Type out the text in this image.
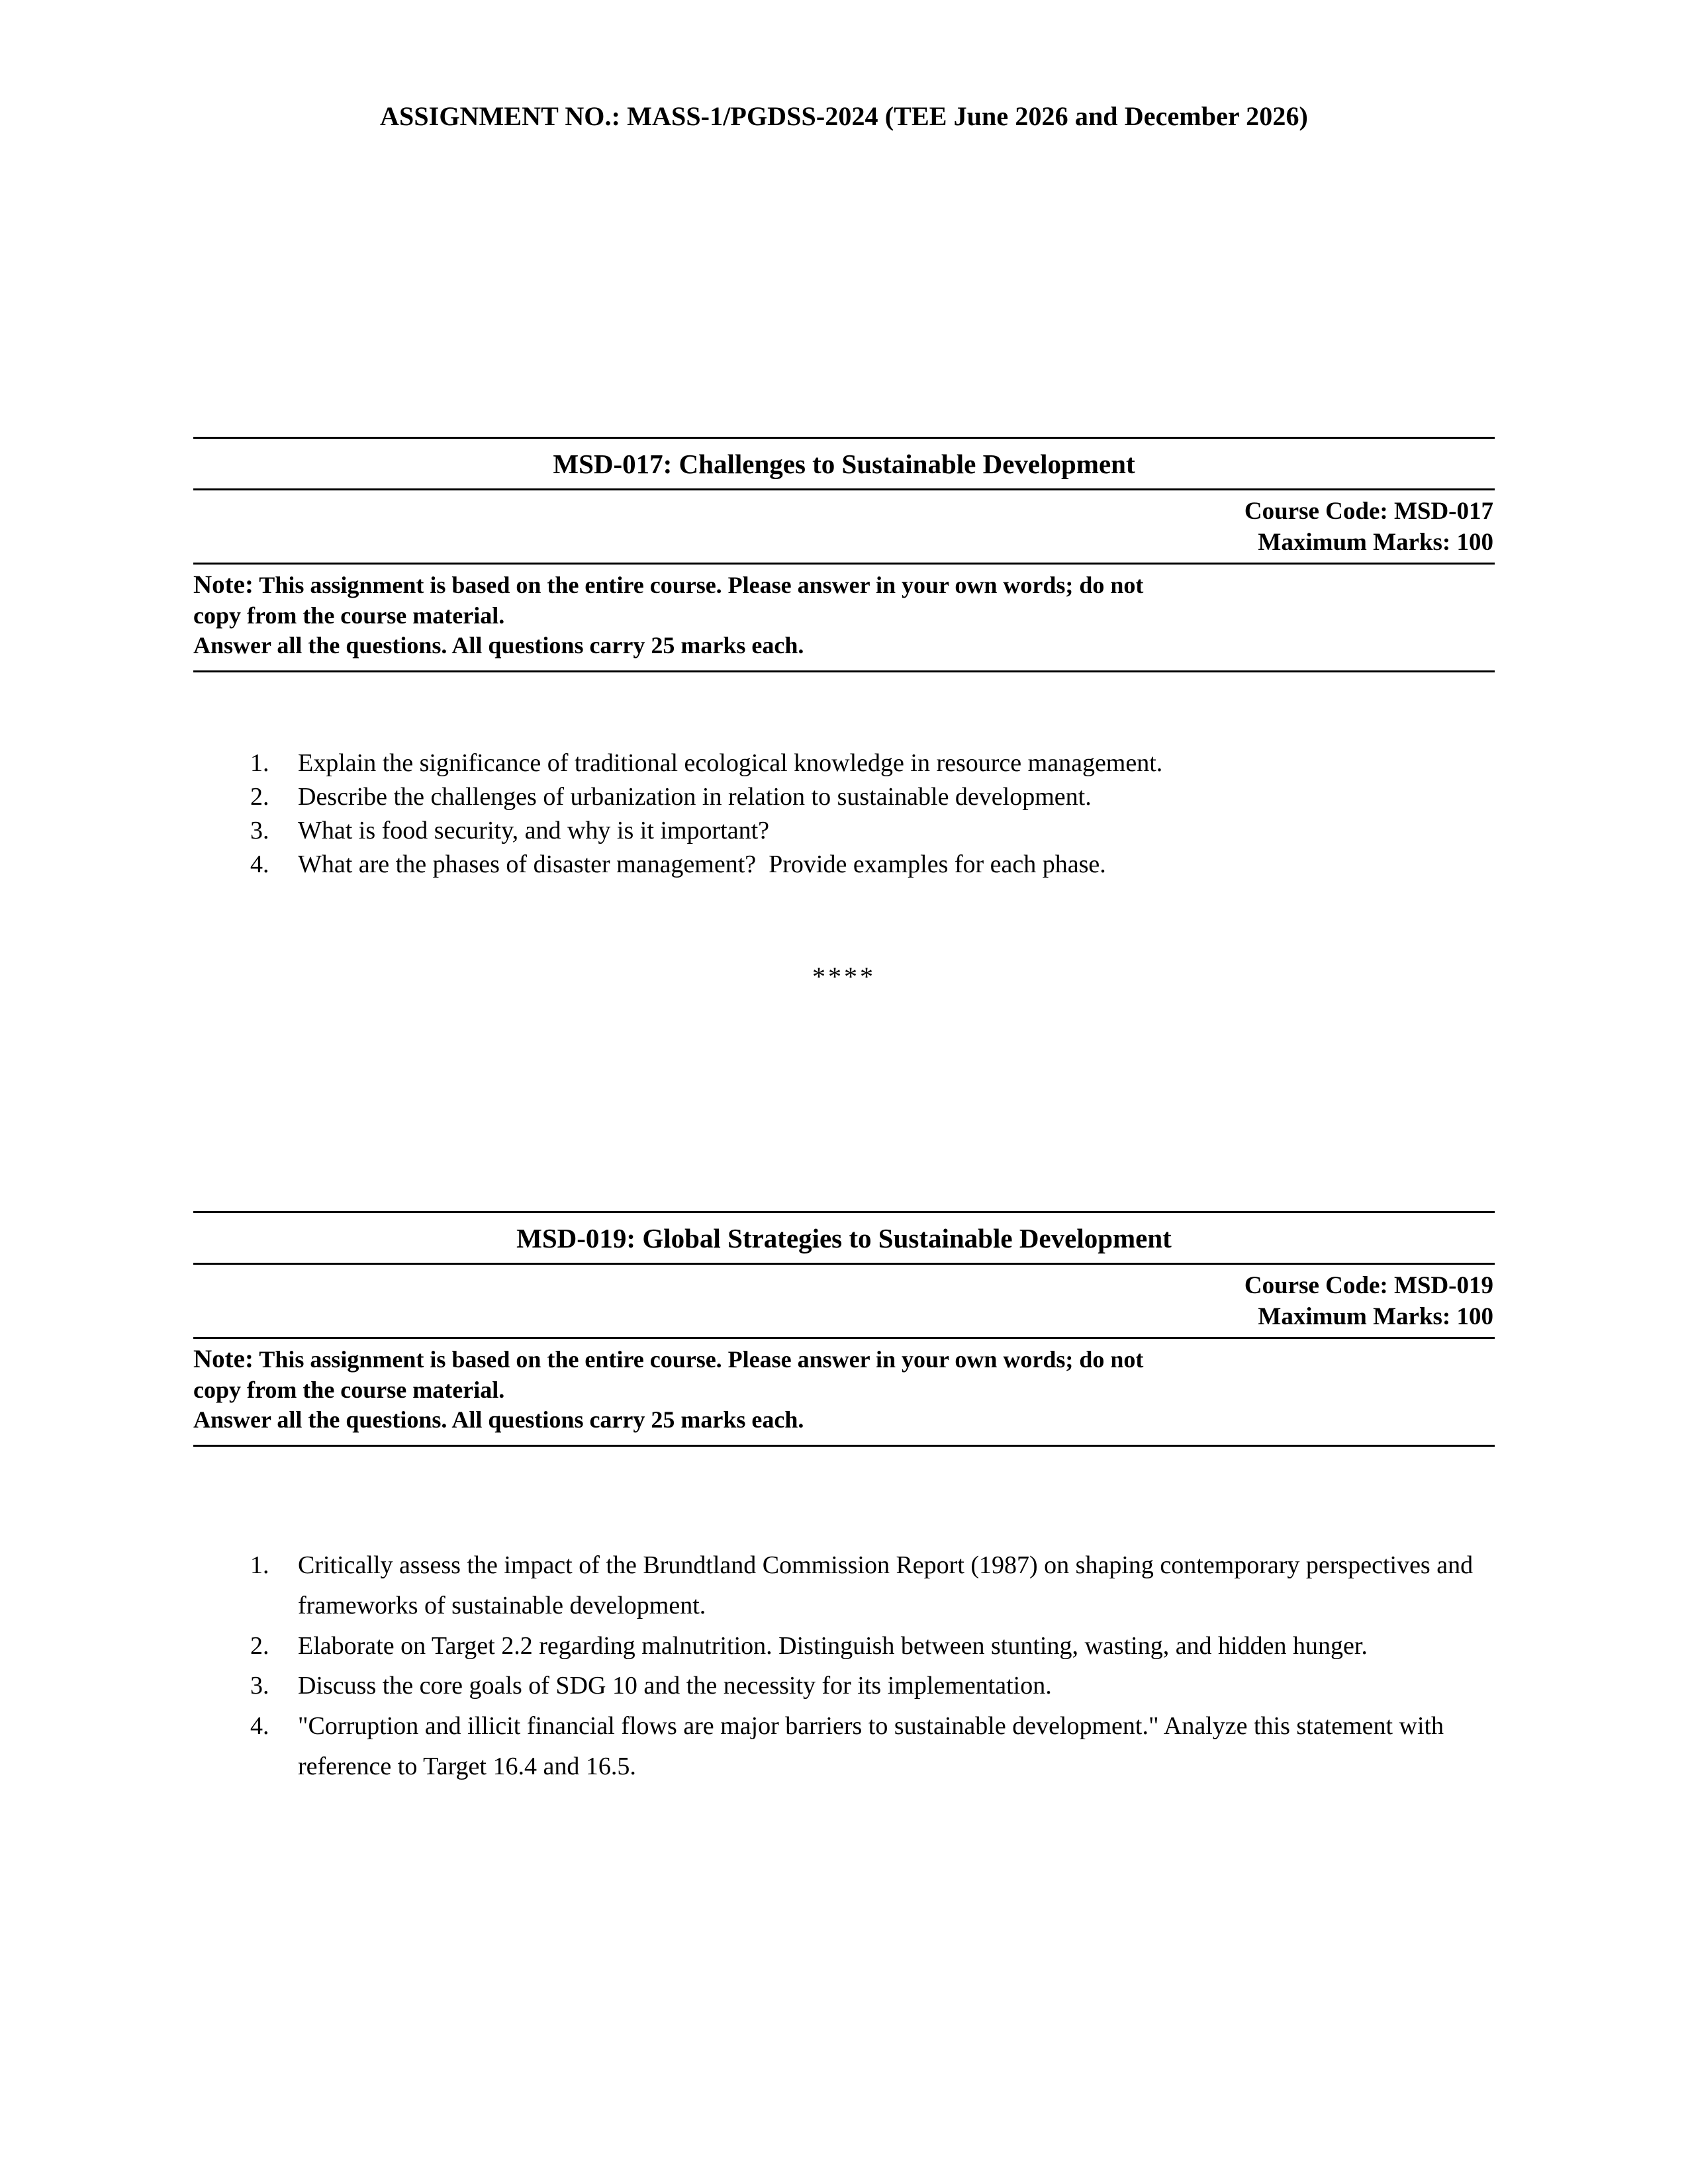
ASSIGNMENT NO.: MASS-1/PGDSS-2024 (TEE June 2026 and December 2026)
MSD-017: Challenges to Sustainable Development
Course Code: MSD-017
Maximum Marks: 100
Note: This assignment is based on the entire course. Please answer in your own words; do not
copy from the course material.
Answer all the questions. All questions carry 25 marks each.
1.	Explain the significance of traditional ecological knowledge in resource management.
2.	Describe the challenges of urbanization in relation to sustainable development.
3.	What is food security, and why is it important?
4.	What are the phases of disaster management?  Provide examples for each phase.
****
MSD-019: Global Strategies to Sustainable Development
Course Code: MSD-019
Maximum Marks: 100
Note: This assignment is based on the entire course. Please answer in your own words; do not
copy from the course material.
Answer all the questions. All questions carry 25 marks each.
1.	Critically assess the impact of the Brundtland Commission Report (1987) on shaping contemporary perspectives and frameworks of sustainable development.
2.	Elaborate on Target 2.2 regarding malnutrition. Distinguish between stunting, wasting, and hidden hunger.
3.	Discuss the core goals of SDG 10 and the necessity for its implementation.
4.	"Corruption and illicit financial flows are major barriers to sustainable development." Analyze this statement with reference to Target 16.4 and 16.5.
